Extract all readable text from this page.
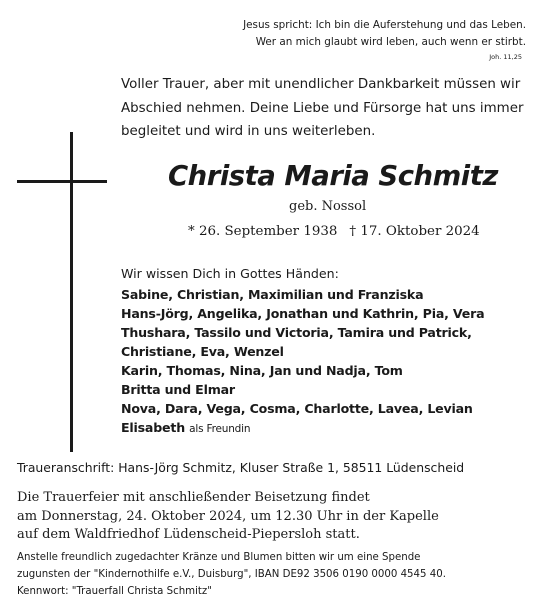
Jesus spricht: Ich bin die Auferstehung und das Leben.
Wer an mich glaubt wird leben, auch wenn er stirbt.

Joh. 11,25

Voller Trauer, aber mit unendlicher Dankbarkeit müssen wir
Abschied nehmen. Deine Liebe und Fürsorge hat uns immer
begleitet und wird in uns weiterleben.

Christa Maria Schmitz
geb. Nossol

* 26. September 1938 † 17. Oktober 2024

Wir wissen Dich in Gottes Händen:
Sabine, Christian, Maximilian und Franziska
Hans-Jörg, Angelika, Jonathan und Kathrin, Pia, Vera
Thushara, Tassilo und Victoria, Tamira und Patrick,
Christiane, Eva, Wenzel
Karin, Thomas, Nina, Jan und Nadja, Tom
Britta und Elmar
Nova, Dara, Vega, Cosma, Charlotte, Lavea, Levian
Elisabeth als Freundin

Traueranschrift: Hans-Jörg Schmitz, Kluser Straße 1, 58511 Lüdenscheid

Die Trauerfeier mit anschließender Beisetzung findet
am Donnerstag, 24. Oktober 2024, um 12.30 Uhr in der Kapelle
auf dem Waldfriedhof Lüdenscheid-Piepersloh statt.

Anstelle freundlich zugedachter Kränze und Blumen bitten wir um eine Spende
zugunsten der "Kindernothilfe e.V., Duisburg", IBAN DE92 3506 0190 0000 4545 40.
Kennwort: "Trauerfall Christa Schmitz"
